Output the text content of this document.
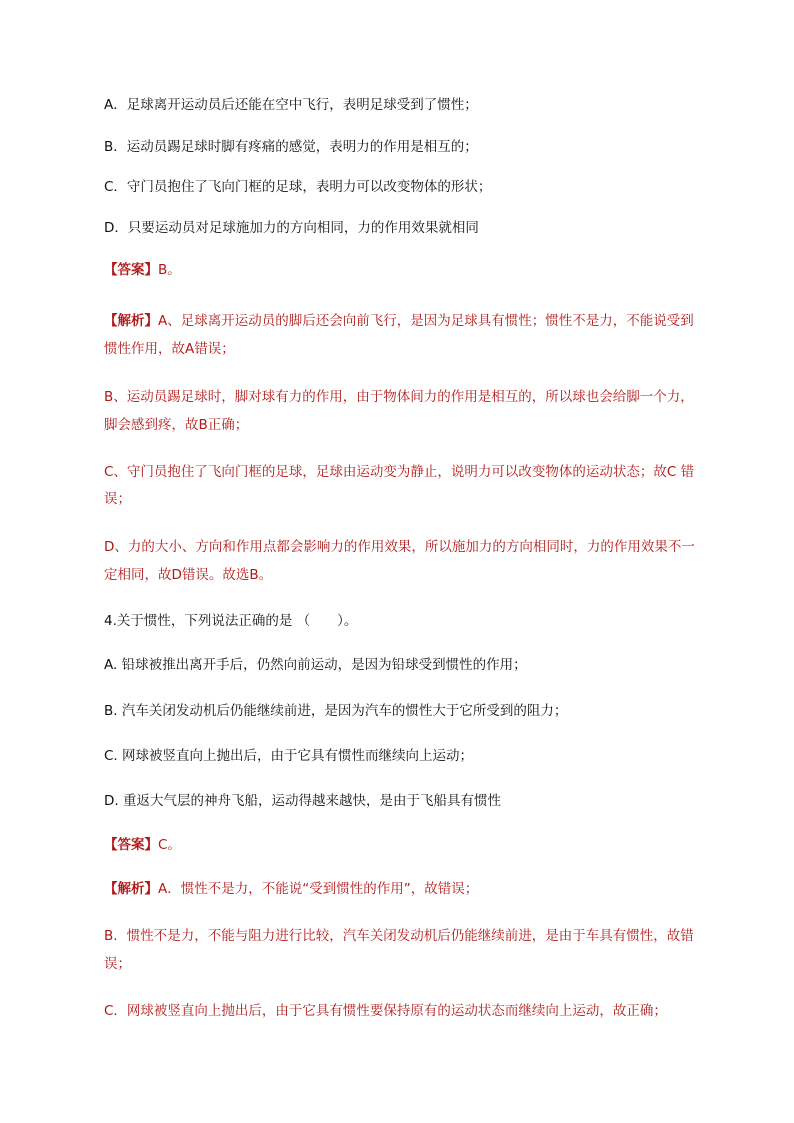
A．足球离开运动员后还能在空中飞行，表明足球受到了惯性；
B．运动员踢足球时脚有疼痛的感觉，表明力的作用是相互的；
C．守门员抱住了飞向门框的足球，表明力可以改变物体的形状；
D．只要运动员对足球施加力的方向相同，力的作用效果就相同
【答案】B。
【解析】A、足球离开运动员的脚后还会向前飞行，是因为足球具有惯性；惯性不是力，不能说受到
惯性作用，故A错误；
B、运动员踢足球时，脚对球有力的作用，由于物体间力的作用是相互的，所以球也会给脚一个力，
脚会感到疼，故B正确；
C、守门员抱住了飞向门框的足球，足球由运动变为静止，说明力可以改变物体的运动状态；故C 错
误；
D、力的大小、方向和作用点都会影响力的作用效果，所以施加力的方向相同时，力的作用效果不一
定相同，故D错误。故选B。
4.关于惯性，下列说法正确的是 （　　）。
A. 铅球被推出离开手后，仍然向前运动，是因为铅球受到惯性的作用；
B. 汽车关闭发动机后仍能继续前进，是因为汽车的惯性大于它所受到的阻力；
C. 网球被竖直向上抛出后，由于它具有惯性而继续向上运动；
D. 重返大气层的神舟飞船，运动得越来越快，是由于飞船具有惯性
【答案】C。
【解析】A．惯性不是力，不能说“受到惯性的作用”，故错误；
B．惯性不是力，不能与阻力进行比较，汽车关闭发动机后仍能继续前进，是由于车具有惯性，故错
误；
C．网球被竖直向上抛出后，由于它具有惯性要保持原有的运动状态而继续向上运动，故正确；
